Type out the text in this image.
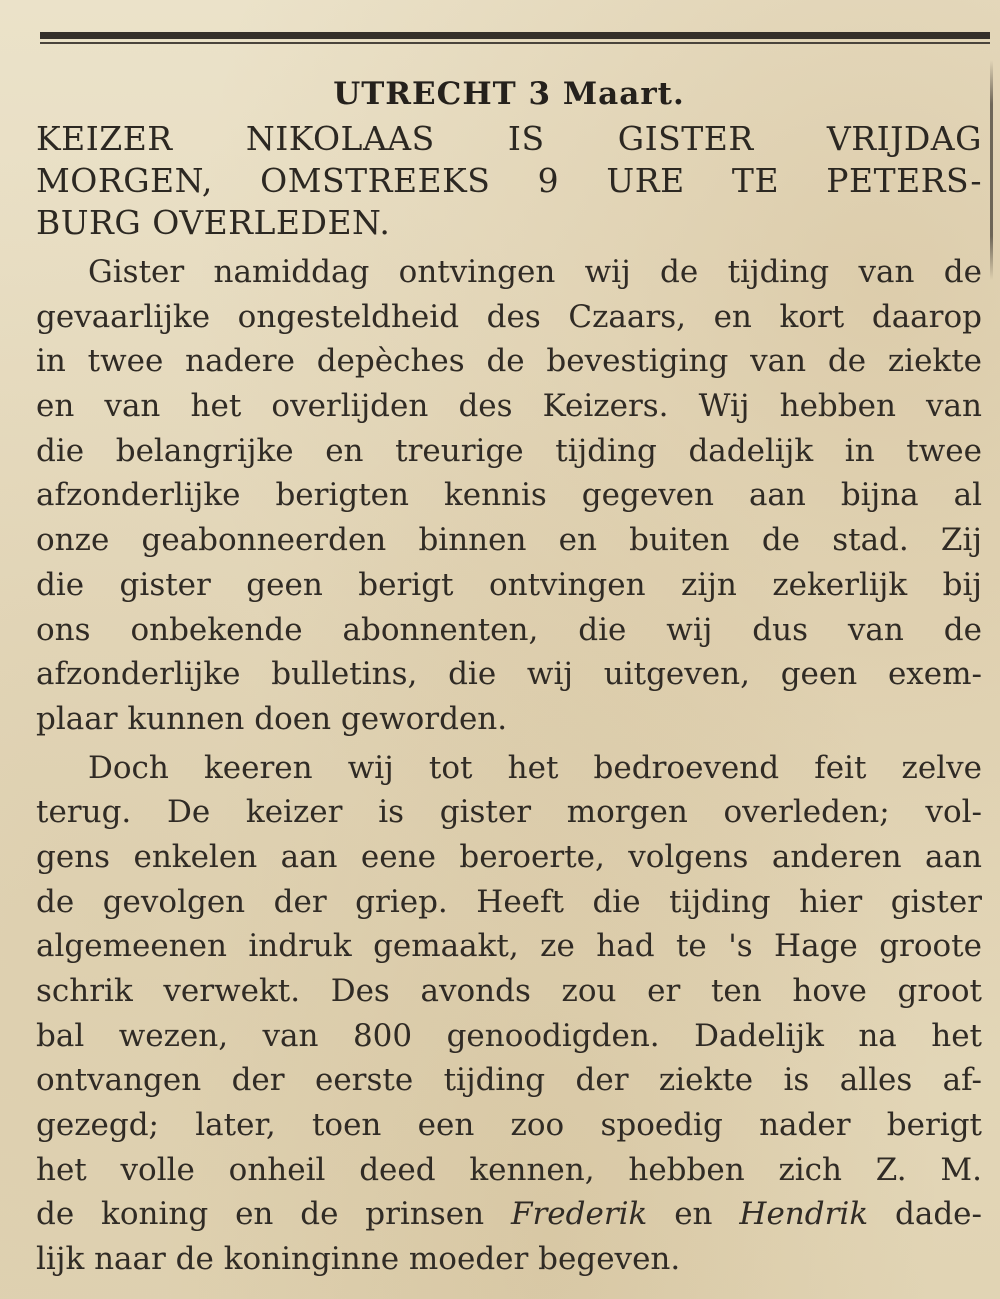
UTRECHT 3 Maart.
KEIZER NIKOLAAS IS GISTER VRIJDAG
MORGEN, OMSTREEKS 9 URE TE PETERS-
BURG OVERLEDEN.
Gister namiddag ontvingen wij de tijding van de
gevaarlijke ongesteldheid des Czaars, en kort daarop
in twee nadere depèches de bevestiging van de ziekte
en van het overlijden des Keizers. Wij hebben van
die belangrijke en treurige tijding dadelijk in twee
afzonderlijke berigten kennis gegeven aan bijna al
onze geabonneerden binnen en buiten de stad. Zij
die gister geen berigt ontvingen zijn zekerlijk bij
ons onbekende abonnenten, die wij dus van de
afzonderlijke bulletins, die wij uitgeven, geen exem-
plaar kunnen doen geworden.
Doch keeren wij tot het bedroevend feit zelve
terug. De keizer is gister morgen overleden; vol-
gens enkelen aan eene beroerte, volgens anderen aan
de gevolgen der griep. Heeft die tijding hier gister
algemeenen indruk gemaakt, ze had te 's Hage groote
schrik verwekt. Des avonds zou er ten hove groot
bal wezen, van 800 genoodigden. Dadelijk na het
ontvangen der eerste tijding der ziekte is alles af-
gezegd; later, toen een zoo spoedig nader berigt
het volle onheil deed kennen, hebben zich Z. M.
de koning en de prinsen Frederik en Hendrik dade-
lijk naar de koninginne moeder begeven.
